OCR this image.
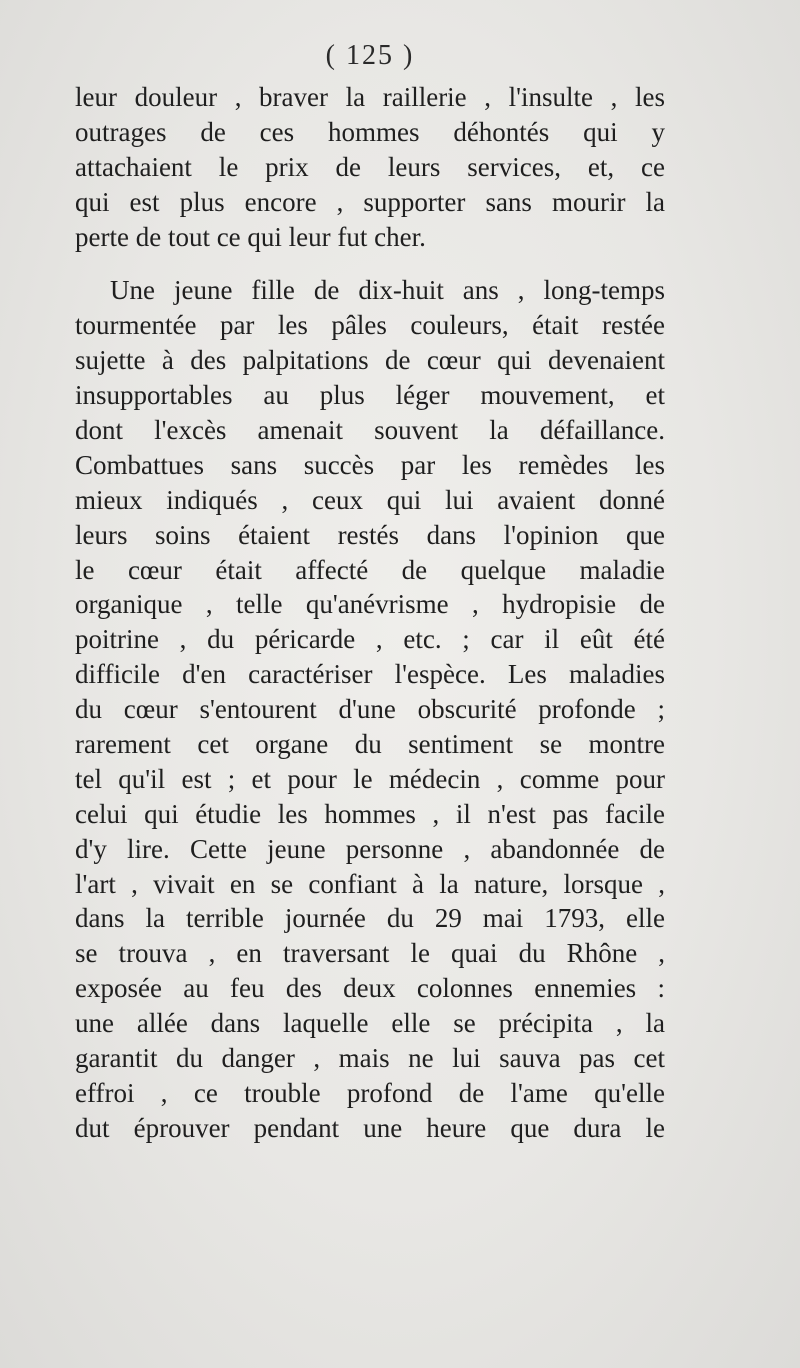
( 125 )
leur douleur , braver la raillerie , l'insulte , les
outrages de ces hommes déhontés qui y
attachaient le prix de leurs services, et, ce
qui est plus encore , supporter sans mourir la
perte de tout ce qui leur fut cher.
Une jeune fille de dix-huit ans , long-temps
tourmentée par les pâles couleurs, était restée
sujette à des palpitations de cœur qui devenaient
insupportables au plus léger mouvement, et
dont l'excès amenait souvent la défaillance.
Combattues sans succès par les remèdes les
mieux indiqués , ceux qui lui avaient donné
leurs soins étaient restés dans l'opinion que
le cœur était affecté de quelque maladie
organique , telle qu'anévrisme , hydropisie de
poitrine , du péricarde , etc. ; car il eût été
difficile d'en caractériser l'espèce. Les maladies
du cœur s'entourent d'une obscurité profonde ;
rarement cet organe du sentiment se montre
tel qu'il est ; et pour le médecin , comme pour
celui qui étudie les hommes , il n'est pas facile
d'y lire. Cette jeune personne , abandonnée de
l'art , vivait en se confiant à la nature, lorsque ,
dans la terrible journée du 29 mai 1793, elle
se trouva , en traversant le quai du Rhône ,
exposée au feu des deux colonnes ennemies :
une allée dans laquelle elle se précipita , la
garantit du danger , mais ne lui sauva pas cet
effroi , ce trouble profond de l'ame qu'elle
dut éprouver pendant une heure que dura le
